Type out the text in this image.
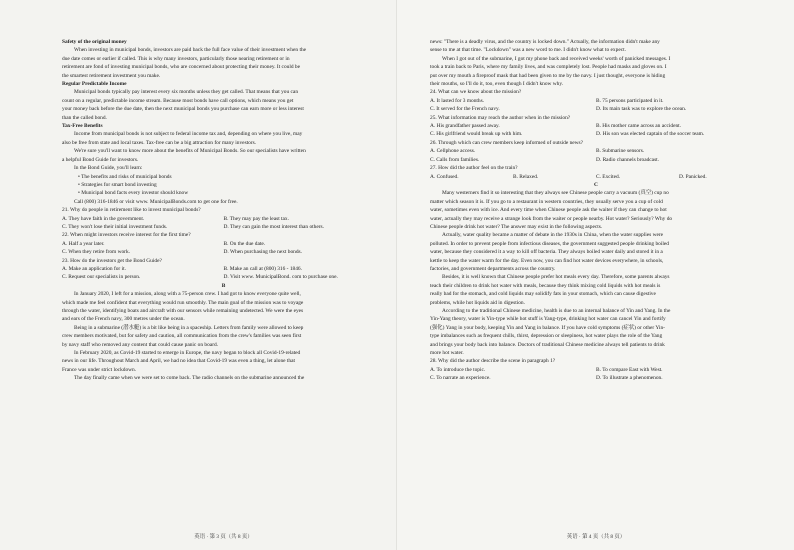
Safety of the original money

When investing in municipal bonds, investors are paid back the full face value of their investment when the

due date comes or earlier if called. This is why many investors, particularly those nearing retirement or in

retirement are fond of investing municipal bonds, who are concerned about protecting their money. It could be

the smartest retirement investment you make.

Regular Predictable Income

Municipal bonds typically pay interest every six months unless they get called. That means that you can

count on a regular, predictable income stream. Because most bonds have call options, which means you get

your money back before the due date, then the next municipal bonds you purchase can earn more or less interest

than the called bond.

Tax-Free Benefits

Income from municipal bonds is not subject to federal income tax and, depending on where you live, may

also be free from state and local taxes. Tax-free can be a big attraction for many investors.

We're sure you'll want to know more about the benefits of Municipal Bonds. So our specialists have written

a helpful Bond Guide for investors.

In the Bond Guide, you'll learn:

• The benefits and risks of municipal bonds

• Strategies for smart bond investing

• Municipal bond facts every investor should know

Call (800) 316-1846 or visit www. MunicipalBonds.com to get one for free.

21. Why do people in retirement like to invest municipal bonds?

A. They have faith in the government.	B. They may pay the least tax.

C. They won't lose their initial investment funds.	D. They can gain the most interest than others.

22. When might investors receive interest for the first time?

A. Half a year later.	B. On the due date.

C. When they retire from work.	D. When purchasing the next bonds.

23. How do the investors get the Bond Guide?

A. Make an application for it.	B. Make an call at (800) 316 - 1846.

C. Request our specialists in person.	D. Visit www. MunicipalBond. com to purchase one.

B

In January 2020, I left for a mission, along with a 75-person crew. I had got to know everyone quite well,

which made me feel confident that everything would run smoothly. The main goal of the mission was to voyage

through the water, identifying boats and aircraft with our sensors while remaining undetected. We were the eyes

and ears of the French navy, 300 metres under the ocean.

Being in a submarine (潜水艇) is a bit like being in a spaceship. Letters from family were allowed to keep

crew members motivated, but for safety and caution, all communication from the crew's families was seen first

by navy staff who removed any content that could cause panic on board.

In February 2020, as Covid-19 started to emerge in Europe, the navy began to block all Covid-19-related

news in our life. Throughout March and April, we had no idea that Covid-19 was even a thing, let alone that

France was under strict lockdown.

The day finally came when we were set to come back. The radio channels on the submarine announced the

英语 · 第 3 页（共 8 页）

news: "There is a deadly virus, and the country is locked down." Actually, the information didn't make any

sense to me at that time. "Lockdown" was a new word to me. I didn't know what to expect.

When I got out of the submarine, I got my phone back and received weeks' worth of panicked messages. I

took a train back to Paris, where my family lives, and was completely lost. People had masks and gloves on. I

put over my mouth a fireproof mask that had been given to me by the navy. I just thought, everyone is hiding

their mouths, so I'll do it, too, even though I didn't know why.

24. What can we know about the mission?

A. It lasted for 3 months.	B. 75 persons participated in it.

C. It served for the French navy.	D. Its main task was to explore the ocean.

25. What information may reach the author when in the mission?

A. His grandfather passed away.	B. His mother came across an accident.

C. His girlfriend would break up with him.	D. His son was elected captain of the soccer team.

26. Through which can crew members keep informed of outside news?

A. Cellphone access.	B. Submarine sensors.

C. Calls from families.	D. Radio channels broadcast.

27. How did the author feel on the train?

A. Confused.	B. Relaxed.	C. Excited.	D. Panicked.

C

Many westerners find it so interesting that they always see Chinese people carry a vacuum (真空) cup no

matter which season it is. If you go to a restaurant in western countries, they usually serve you a cup of cold

water, sometimes even with ice. And every time when Chinese people ask the waiter if they can change to hot

water, actually they may receive a strange look from the waiter or people nearby. Hot water? Seriously? Why do

Chinese people drink hot water? The answer may exist in the following aspects.

Actually, water quality became a matter of debate in the 1930s in China, when the water supplies were

polluted. In order to prevent people from infectious diseases, the government suggested people drinking boiled

water, because they considered it a way to kill off bacteria. They always boiled water daily and stored it in a

kettle to keep the water warm for the day. Even now, you can find hot water devices everywhere, in schools,

factories, and government departments across the country.

Besides, it is well known that Chinese people prefer hot meals every day. Therefore, some parents always

teach their children to drink hot water with meals, because they think mixing cold liquids with hot meals is

really bad for the stomach, and cold liquids may solidify fats in your stomach, which can cause digestive

problems, while hot liquids aid in digestion.

According to the traditional Chinese medicine, health is due to an internal balance of Yin and Yang. In the

Yin-Yang theory, water is Yin-type while hot stuff is Yang-type, drinking hot water can cancel Yin and fortify

(强化) Yang in your body, keeping Yin and Yang in balance. If you have cold symptoms (症状) or other Yin-

type imbalances such as frequent chills, thirst, depression or sleepiness, hot water plays the role of the Yang

and brings your body back into balance. Doctors of traditional Chinese medicine always tell patients to drink

more hot water.

28. Why did the author describe the scene in paragraph 1?

A. To introduce the topic.	B. To compare East with West.

C. To narrate an experience.	D. To illustrate a phenomenon.

英语 · 第 4 页（共 8 页）
